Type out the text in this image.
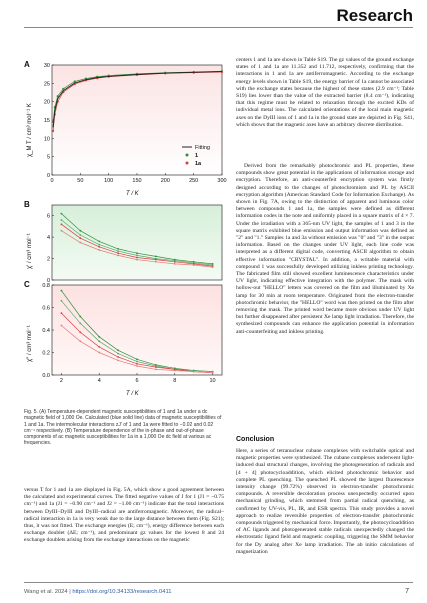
Research
A
0
5
10
15
20
25
30
0	50	100	150	200	250	300
χ_M T / cm³ mol⁻¹ K
T / K
Fitting
1
1a
B
0
2
4
6
χ′ / cm³ mol⁻¹
C
0.0
0.2
0.4
0.6
0.8
2	4	6	8	10
χ″ / cm³ mol⁻¹
T / K
Fig. 5. (A) Temperature-dependent magnetic susceptibilities of 1 and 1a under a dc magnetic field of 1,000 Oe. Calculated (blue solid line) data of magnetic susceptibilities of 1 and 1a. The intermolecular interactions zJ′ of 1 and 1a were fitted to −0.02 and 0.02 cm⁻¹ respectively. (B) Temperature dependence of the in-phase and out-of-phase components of ac magnetic susceptibilities for 1a in a 1,000 Oe dc field at various ac frequencies.

versus T for 1 and 1a are displayed in Fig. 5A, which show a good agreement between the calculated and experimental curves. The fitted negative values of J for 1 (J1 = −0.75 cm⁻¹) and 1a (J1 = −0.90 cm⁻¹ and J2 = −1.00 cm⁻¹) indicate that the total interactions between DyIII–DyIII and DyIII–radical are antiferromagnetic. Moreover, the radical–radical interaction in 1a is very weak due to the large distance between them (Fig. S21); thus, it was not fitted. The exchange energies (E; cm⁻¹), energy difference between each exchange doublet (ΔE; cm⁻¹), and predominant gz values for the lowest 8 and 24 exchange doublets arising from the exchange interactions on the magnetic

centers 1 and 1a are shown in Table S19. The gz values of the ground exchange states of 1 and 1a are 11.352 and 11.712, respectively, confirming that the interactions in 1 and 1a are antiferromagnetic. According to the exchange energy levels shown in Table S19, the energy barrier of 1a cannot be associated with the exchange states because the highest of these states (2.9 cm⁻¹; Table S19) lies lower than the value of the extracted barrier (8.4 cm⁻¹), indicating that this regime must be related to relaxation through the excited KDs of individual metal ions. The calculated orientations of the local main magnetic axes on the DyIII ions of 1 and 1a in the ground state are depicted in Fig. S41, which shows that the magnetic axes have an arbitrary discrete distribution.

Derived from the remarkably photochromic and PL properties, these compounds show great potential in the applications of information storage and encryption. Therefore, an anti-counterfeit encryption system was firstly designed according to the changes of photochromism and PL by ASCII encryption algorithm (American Standard Code for Information Exchange). As shown in Fig. 7A, owing to the distinction of apparent and luminous color between compounds 1 and 1a, the samples were defined as different information codes in the note and uniformly placed in a square matrix of 4 × 7. Under the irradiation with a 365-nm UV light, the samples of 1 and 3 in the square matrix exhibited blue emission and output information was defined as "2" and "1." Samples 1a and 3a without emission was "0" and "3" in the output information. Based on the changes under UV light, each line code was interpreted as a different digital code, converting ASCII algorithm to obtain effective information "CRYSTAL". In addition, a writable material with compound 1 was successfully developed utilizing inkless printing technology. The fabricated film still showed excellent luminescence characteristics under UV light, indicating effective integration with the polymer. The mask with hollow-out "HELLO" letters was covered on the film and illuminated by Xe lamp for 30 min at room temperature. Originated from the electron-transfer photochromic behavior, the "HELLO" word was then printed on the film after removing the mask. The printed word became more obvious under UV light but further disappeared after persistent Xe lamp light irradiation. Therefore, the synthesized compounds can enhance the application potential in information anti-counterfeiting and inkless printing.

Conclusion

Here, a series of tetranuclear cubane complexes with switchable optical and magnetic properties were synthesized. The cubane complexes underwent light-induced dual structural changes, involving the photogeneration of radicals and [4 + 4] photocycloaddition, which elicited photochromic behavior and complete PL quenching. The quenched PL showed the largest fluorescence intensity change (99.72%) observed in electron-transfer photochromic compounds. A reversible decoloration process unexpectedly occurred upon mechanical grinding, which stemmed from partial radical quenching, as confirmed by UV-vis, PL, IR, and ESR spectra. This study provides a novel approach to realize reversible properties of electron-transfer photochromic compounds triggered by mechanical force. Importantly, the photocycloaddition of AC ligands and photogenerated stable radicals unexpectedly changed the electrostatic ligand field and magnetic coupling, triggering the SMM behavior for the Dy analog after Xe lamp irradiation. The ab initio calculations of magnetization

Wang et al. 2024 | https://doi.org/10.34133/research.0411	7
